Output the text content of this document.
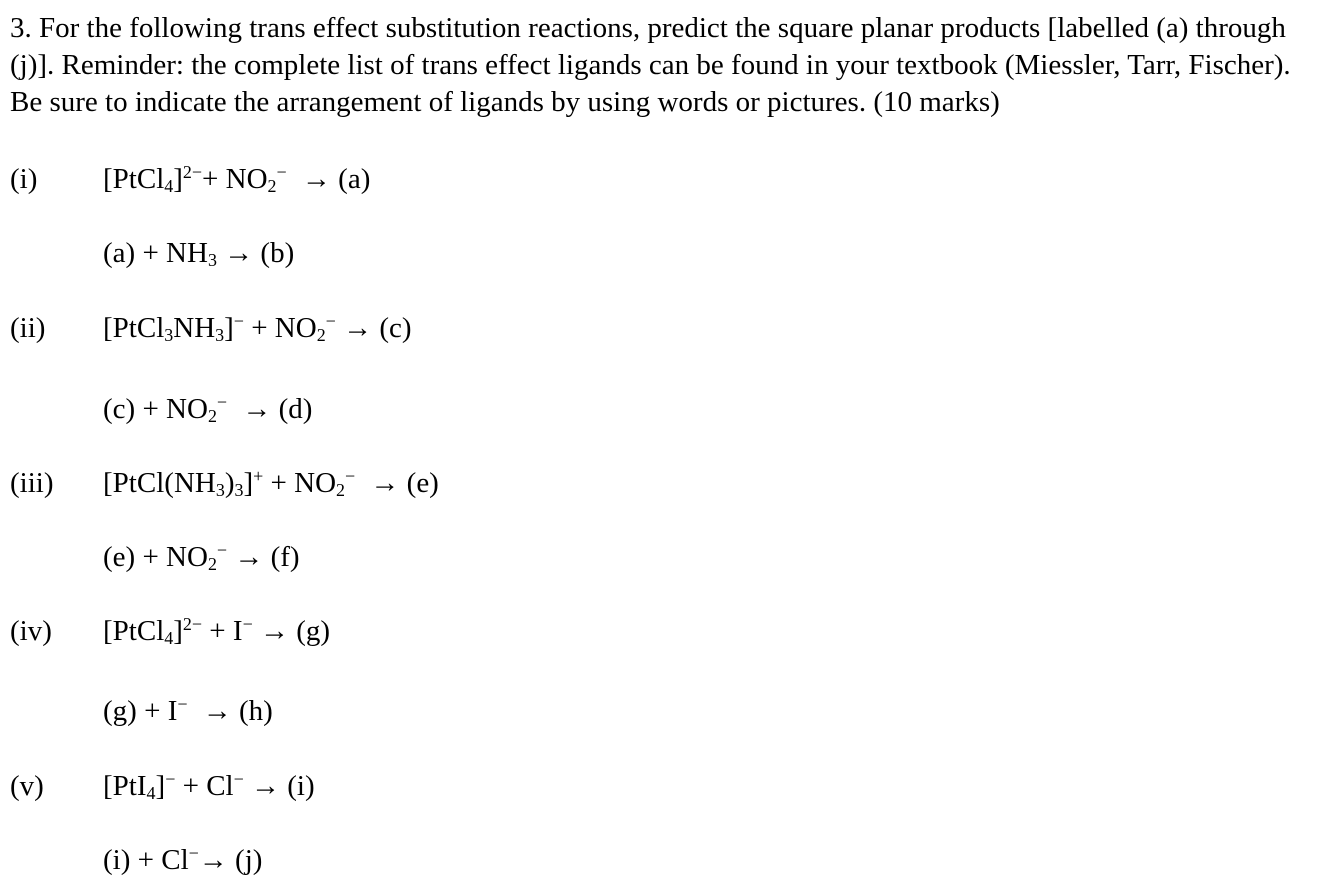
3. For the following trans effect substitution reactions, predict the square planar products [labelled (a) through (j)]. Reminder: the complete list of trans effect ligands can be found in your textbook (Miessler, Tarr, Fischer). Be sure to indicate the arrangement of ligands by using words or pictures. (10 marks)

(i) [PtCl$_4$]$^{2-}$+ $NO_2^- \to (a)$
$(a) + NH_3 \to (b)$
(ii) $[PtCl_3NH_3]^- + NO_2^- \to (c)$
$(c) + NO_2^- \to (d)$
(iii) $[PtCl(NH_3)_3]^+ + NO_2^- \to (e)$
$(e) + NO_2^- \to (f)$
(iv) [PtCl$_4$]$^{2-}$ + I− → (g)
(g) + I− → (h)
(v) [PtI$_4$]− + Cl− → (i)
(i) + Cl−→ (j)
